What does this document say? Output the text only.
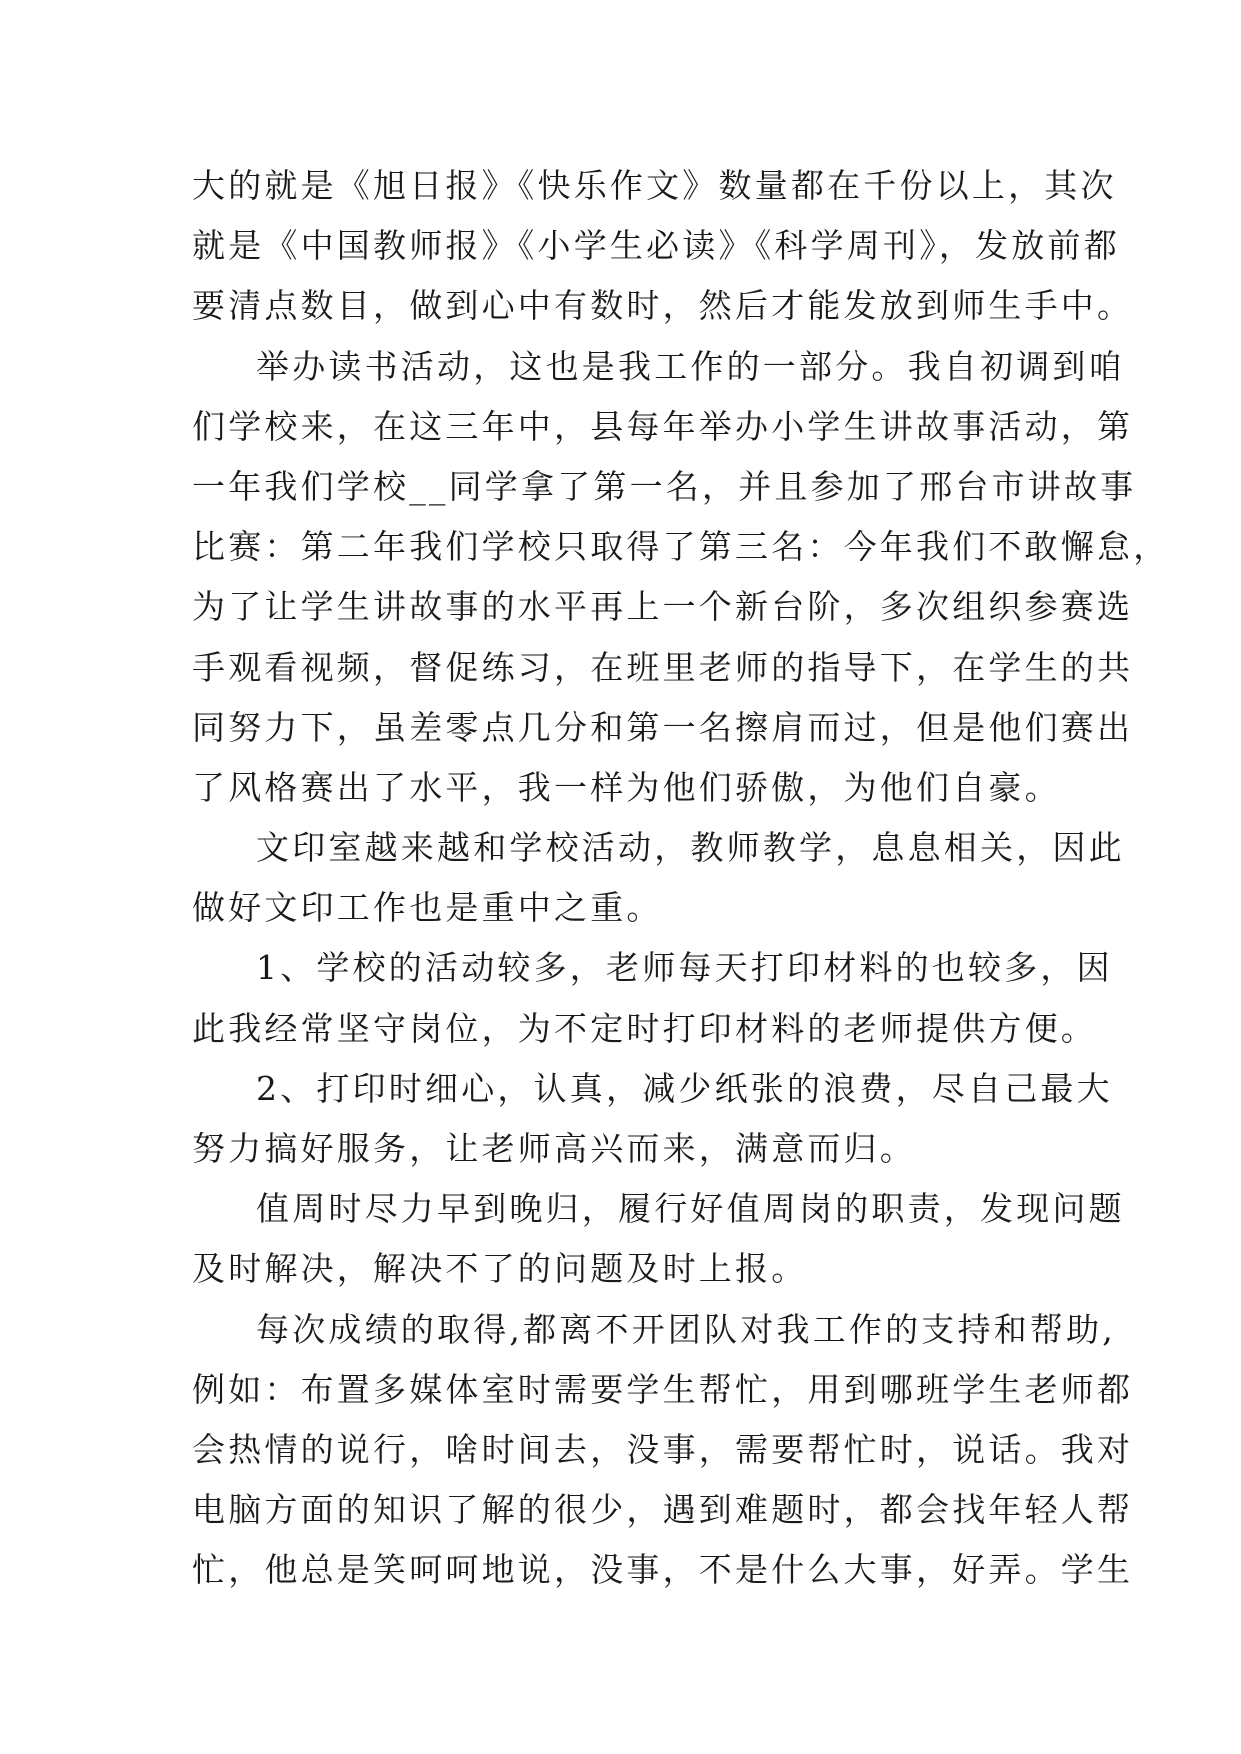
大的就是《旭日报》《快乐作文》数量都在千份以上，其次
就是《中国教师报》《小学生必读》《科学周刊》，发放前都
要清点数目，做到心中有数时，然后才能发放到师生手中。
举办读书活动，这也是我工作的一部分。我自初调到咱
们学校来，在这三年中，县每年举办小学生讲故事活动，第
一年我们学校__同学拿了第一名，并且参加了邢台市讲故事
比赛：第二年我们学校只取得了第三名：今年我们不敢懈怠，
为了让学生讲故事的水平再上一个新台阶，多次组织参赛选
手观看视频，督促练习，在班里老师的指导下，在学生的共
同努力下，虽差零点几分和第一名擦肩而过，但是他们赛出
了风格赛出了水平，我一样为他们骄傲，为他们自豪。
文印室越来越和学校活动，教师教学，息息相关，因此
做好文印工作也是重中之重。
1、学校的活动较多，老师每天打印材料的也较多，因
此我经常坚守岗位，为不定时打印材料的老师提供方便。
2、打印时细心，认真，减少纸张的浪费，尽自己最大
努力搞好服务，让老师高兴而来，满意而归。
值周时尽力早到晚归，履行好值周岗的职责，发现问题
及时解决，解决不了的问题及时上报。
每次成绩的取得,都离不开团队对我工作的支持和帮助,
例如：布置多媒体室时需要学生帮忙，用到哪班学生老师都
会热情的说行，啥时间去，没事，需要帮忙时，说话。我对
电脑方面的知识了解的很少，遇到难题时，都会找年轻人帮
忙，他总是笑呵呵地说，没事，不是什么大事，好弄。学生
